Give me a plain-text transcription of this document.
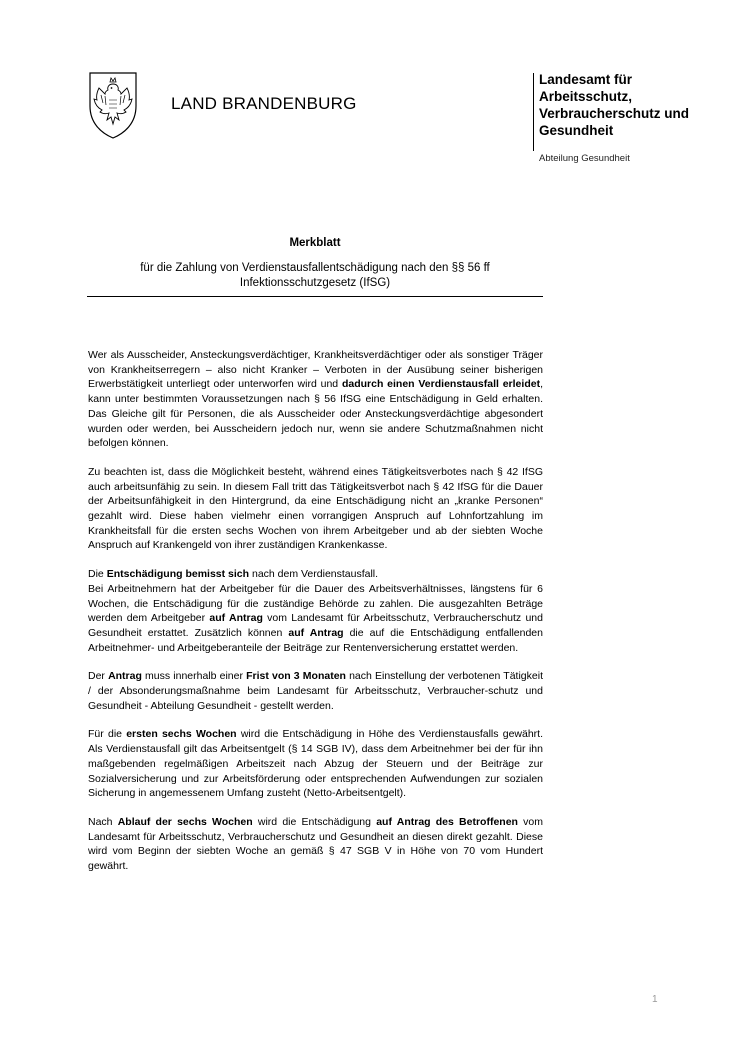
LAND BRANDENBURG
Landesamt für
Arbeitsschutz,
Verbraucherschutz und
Gesundheit
Abteilung Gesundheit
Merkblatt
für die Zahlung von Verdienstausfallentschädigung nach den §§ 56 ff
Infektionsschutzgesetz (IfSG)

Wer als Ausscheider, Ansteckungsverdächtiger, Krankheitsverdächtiger oder als sonstiger Träger von Krankheitserregern – also nicht Kranker – Verboten in der Ausübung seiner bisherigen Erwerbstätigkeit unterliegt oder unterworfen wird und dadurch einen Verdienstausfall erleidet, kann unter bestimmten Voraussetzungen nach § 56 IfSG eine Entschädigung in Geld erhalten. Das Gleiche gilt für Personen, die als Ausscheider oder Ansteckungsverdächtige abgesondert wurden oder werden, bei Ausscheidern jedoch nur, wenn sie andere Schutzmaßnahmen nicht befolgen können.

Zu beachten ist, dass die Möglichkeit besteht, während eines Tätigkeitsverbotes nach § 42 IfSG auch arbeitsunfähig zu sein. In diesem Fall tritt das Tätigkeitsverbot nach § 42 IfSG für die Dauer der Arbeitsunfähigkeit in den Hintergrund, da eine Entschädigung nicht an „kranke Personen“ gezahlt wird. Diese haben vielmehr einen vorrangigen Anspruch auf Lohnfortzahlung im Krankheitsfall für die ersten sechs Wochen von ihrem Arbeitgeber und ab der siebten Woche Anspruch auf Krankengeld von ihrer zuständigen Krankenkasse.

Die Entschädigung bemisst sich nach dem Verdienstausfall.
Bei Arbeitnehmern hat der Arbeitgeber für die Dauer des Arbeitsverhältnisses, längstens für 6 Wochen, die Entschädigung für die zuständige Behörde zu zahlen. Die ausgezahlten Beträge werden dem Arbeitgeber auf Antrag vom Landesamt für Arbeitsschutz, Verbraucherschutz und Gesundheit erstattet. Zusätzlich können auf Antrag die auf die Entschädigung entfallenden Arbeitnehmer- und Arbeitgeberanteile der Beiträge zur Rentenversicherung erstattet werden.

Der Antrag muss innerhalb einer Frist von 3 Monaten nach Einstellung der verbotenen Tätigkeit / der Absonderungsmaßnahme beim Landesamt für Arbeitsschutz, Verbraucher-schutz und Gesundheit - Abteilung Gesundheit - gestellt werden.

Für die ersten sechs Wochen wird die Entschädigung in Höhe des Verdienstausfalls gewährt. Als Verdienstausfall gilt das Arbeitsentgelt (§ 14 SGB IV), dass dem Arbeitnehmer bei der für ihn maßgebenden regelmäßigen Arbeitszeit nach Abzug der Steuern und der Beiträge zur Sozialversicherung und zur Arbeitsförderung oder entsprechenden Aufwendungen zur sozialen Sicherung in angemessenem Umfang zusteht (Netto-Arbeitsentgelt).

Nach Ablauf der sechs Wochen wird die Entschädigung auf Antrag des Betroffenen vom Landesamt für Arbeitsschutz, Verbraucherschutz und Gesundheit an diesen direkt gezahlt. Diese wird vom Beginn der siebten Woche an gemäß § 47 SGB V in Höhe von 70 vom Hundert gewährt.

1
